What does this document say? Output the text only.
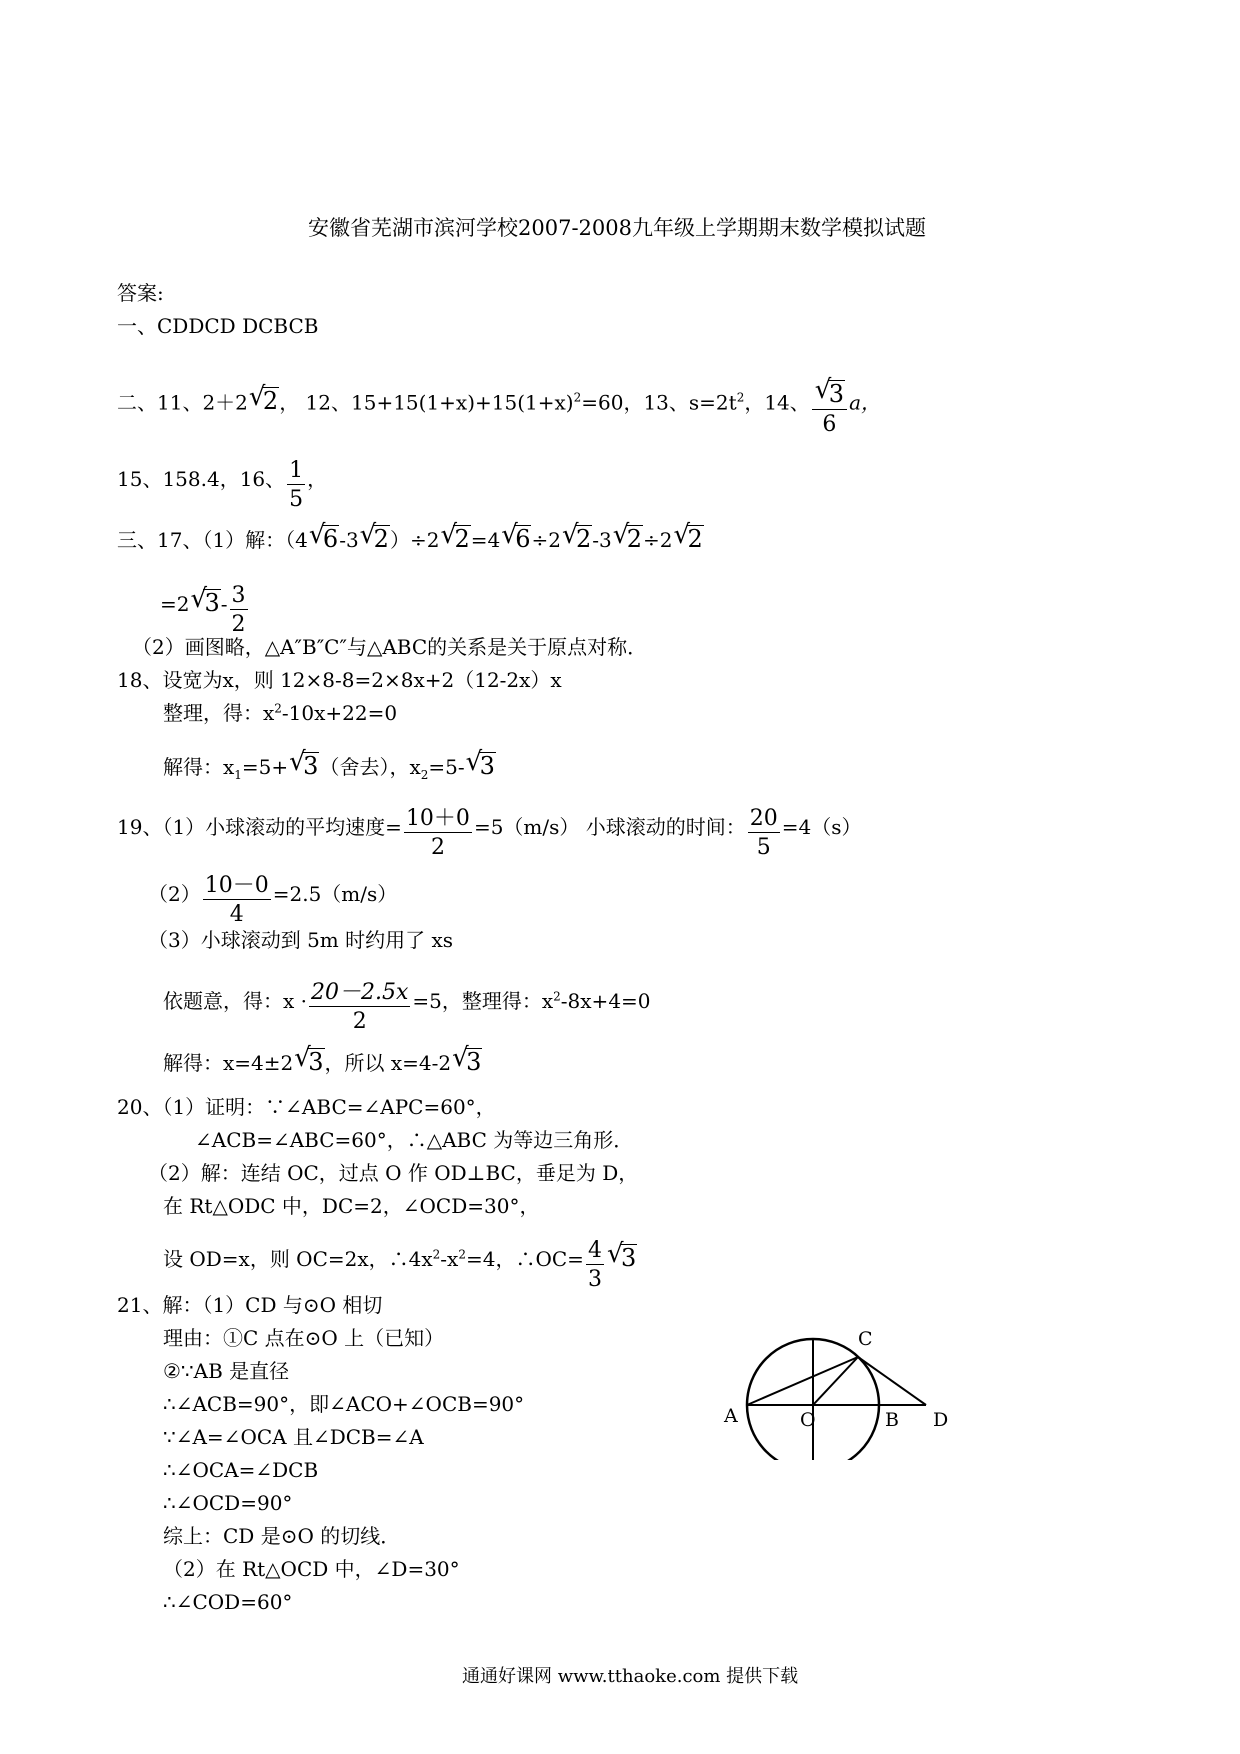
安徽省芜湖市滨河学校2007-2008九年级上学期期末数学模拟试题
答案:
一、CDDCD DCBCB
二、11、2＋2√ 2， 12、$15+15(1+x)+15(1+x)^2=60$，13、$s=2t^2$，14、
√ $\frac{3}{6}$ a，
15、158.4，16、 $\frac{1}{5}$ ，
三、17、（1）解：（4√ 6-3√ 2）÷2√ 2=4√ 6÷2√ 2-3√ 2÷2√ 2
=2√ $3- \frac{3}{2}$
（2）画图略，△A″B″C″与△ABC的关系是关于原点对称．
18、设宽为x，则 12×8-8=2×8x+2（12-2x）x
整理，得：$x^2-10x+22=0$
解得：$x_1=5+√$ 3（舍去），$x_2=5-√$ 3
19、（1）小球滚动的平均速度= $\frac{10+0}{2} =5(m/s)$ 小球滚动的时间： $\frac{20}{5} =4(s)$
$(2) \frac{10-0}{4} =2.5(m/s)$
（3）小球滚动到 5m 时约用了 xs
依题意，得：$x \cdot \frac{20-2.5x}{2} =5$，整理得：$x^2-8x+4=0$
解得：x=4±2√ 3，所以 x=4-2√ 3
20、（1）证明：∵∠ABC=∠APC=60°，
∠ACB=∠ABC=60°，∴△ABC 为等边三角形．
（2）解：连结 OC，过点 O 作 OD⊥BC，垂足为 D，
在 Rt△ODC 中，DC=2，∠OCD=30°，
设 OD=x，则 OC=2x，$\therefore 4x^2-x^2=4$，∴OC= $\frac{4}{3}$
√ 3
21、解：（1）CD 与⊙O 相切
理由：①C 点在⊙O 上（已知）
②∵AB 是直径
∴∠ACB=90°，即∠ACO+∠OCB=90°
∵∠A=∠OCA 且∠DCB=∠A
∴∠OCA=∠DCB
∴∠OCD=90°
综上：CD 是⊙O 的切线．
（2）在 Rt△OCD 中，∠D=30°
∴∠COD=60°
A	O	B
C
D
通通好课网 www.tthaoke.com 提供下载
